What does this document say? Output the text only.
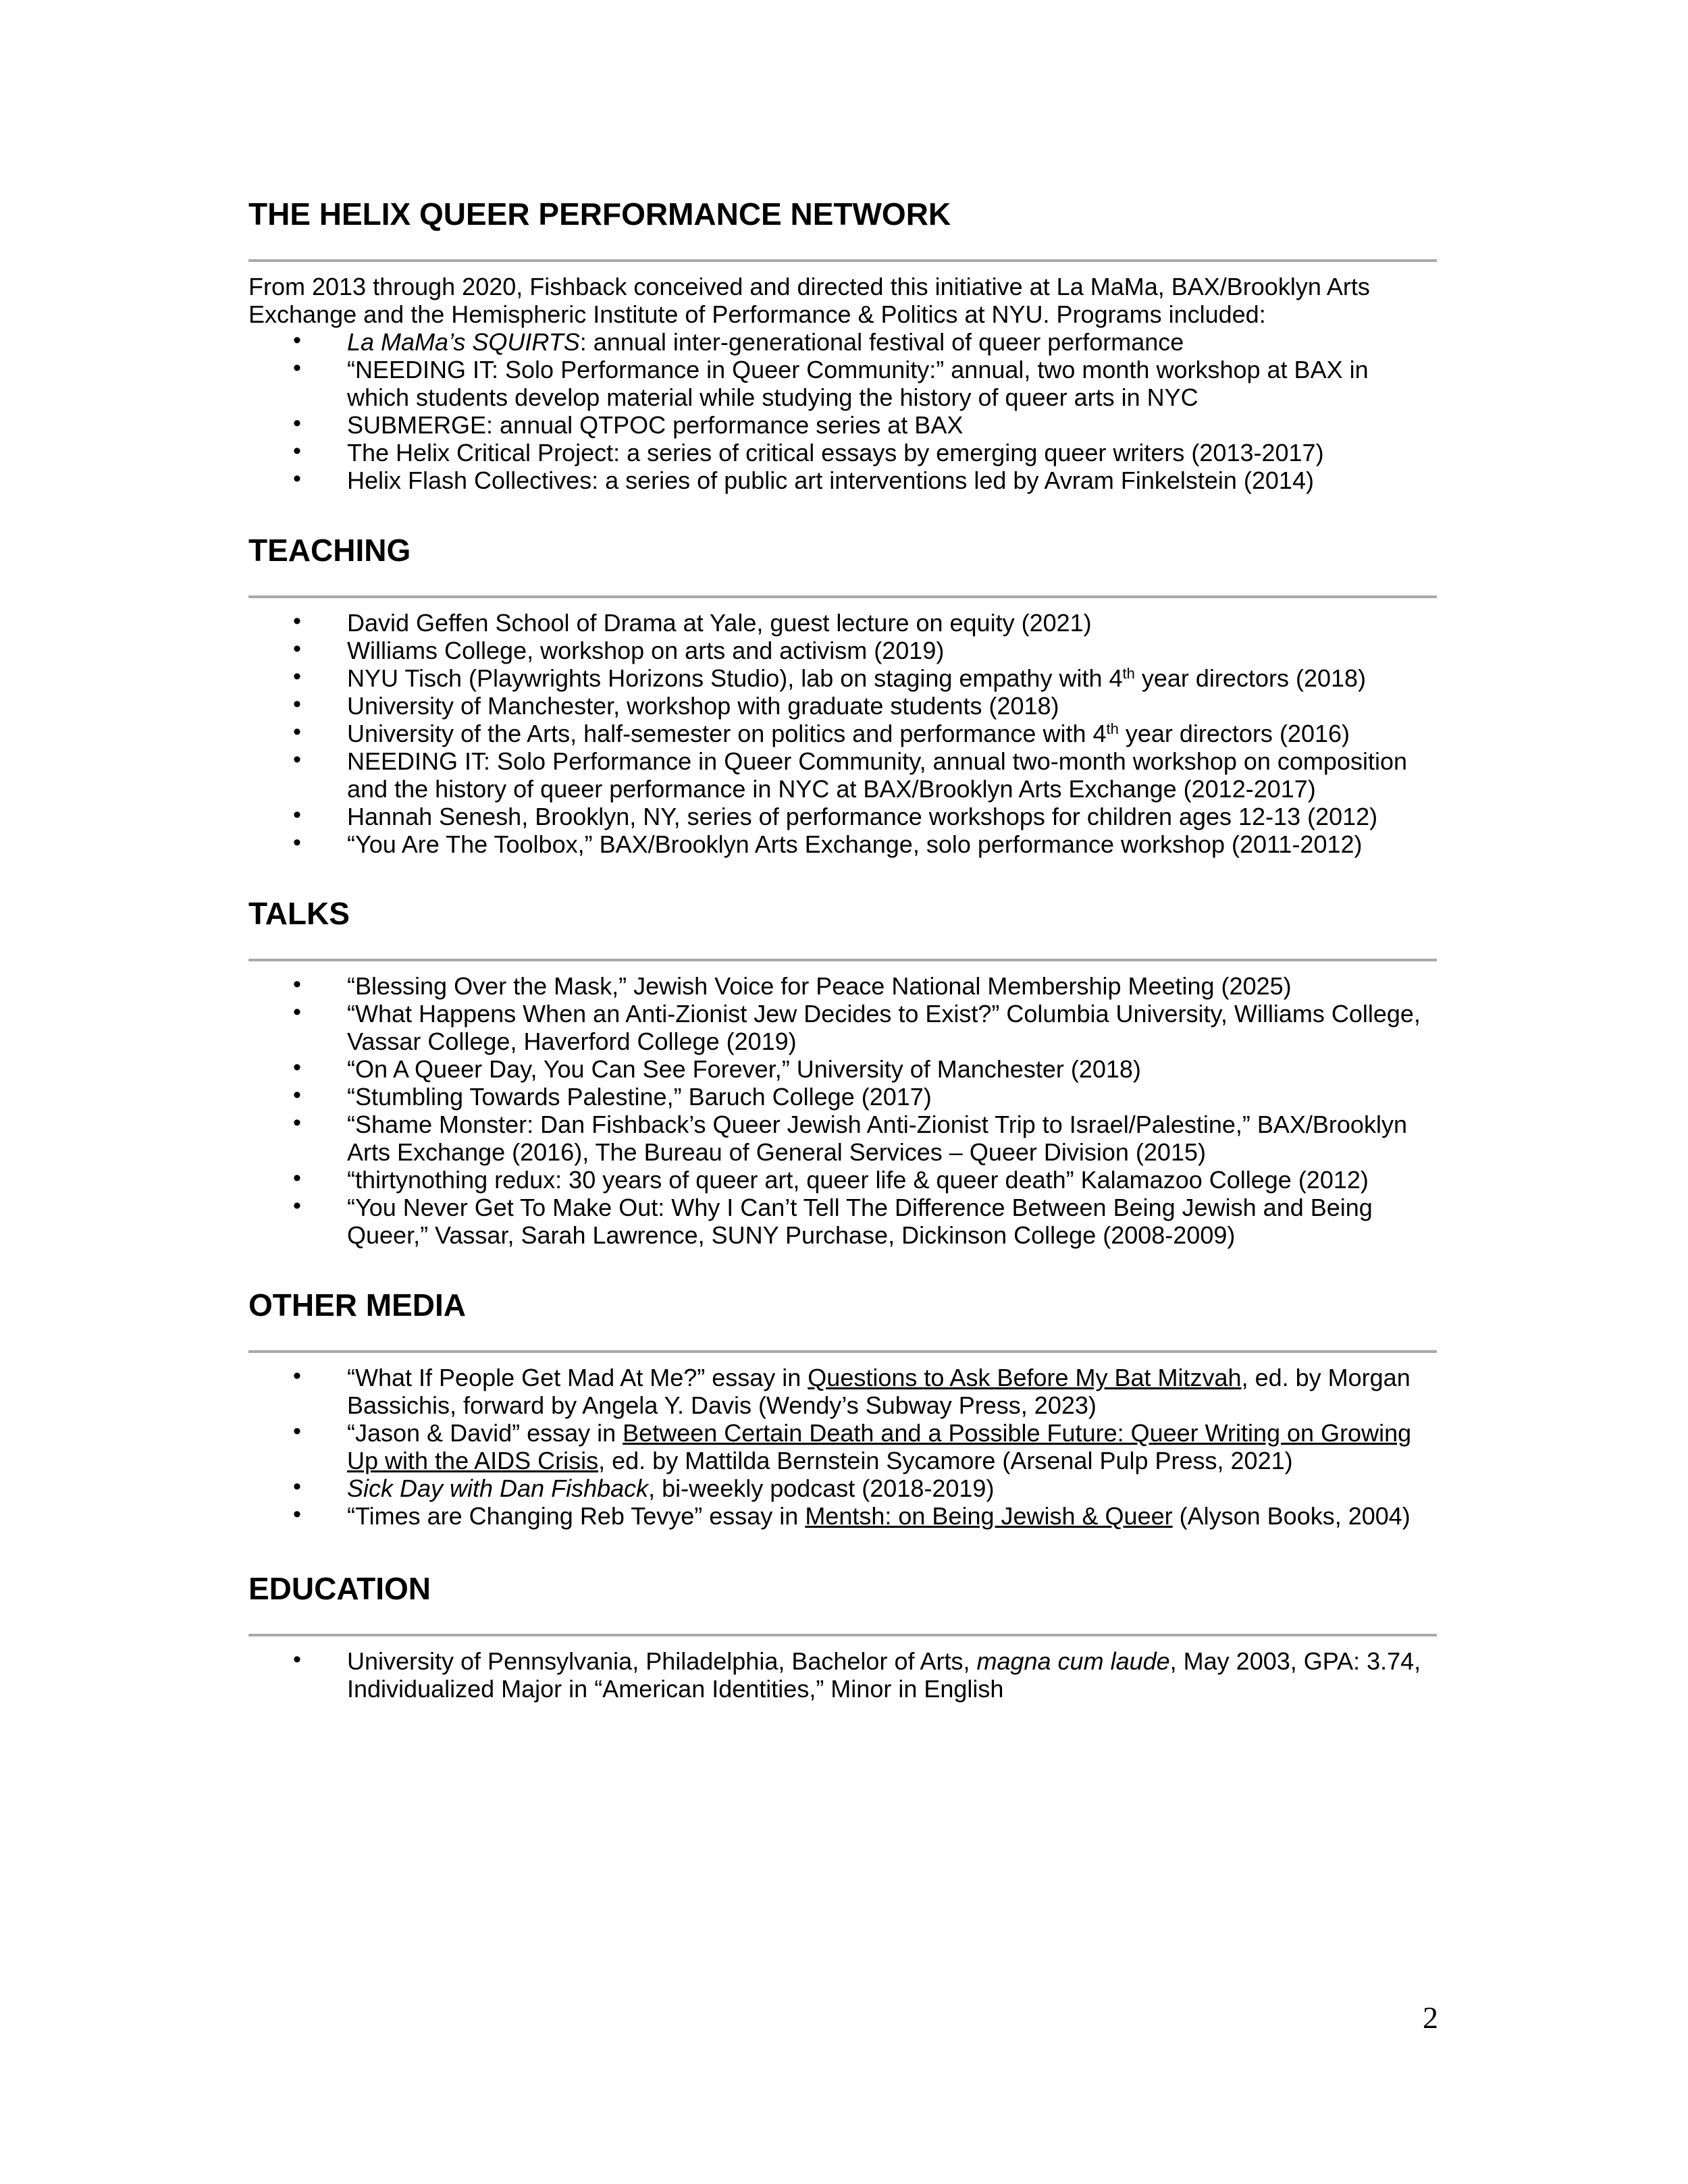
THE HELIX QUEER PERFORMANCE NETWORK

From 2013 through 2020, Fishback conceived and directed this initiative at La MaMa, BAX/Brooklyn Arts Exchange and the Hemispheric Institute of Performance & Politics at NYU. Programs included:

• La MaMa’s SQUIRTS: annual inter-generational festival of queer performance
• “NEEDING IT: Solo Performance in Queer Community:” annual, two month workshop at BAX in which students develop material while studying the history of queer arts in NYC
• SUBMERGE: annual QTPOC performance series at BAX
• The Helix Critical Project: a series of critical essays by emerging queer writers (2013-2017)
• Helix Flash Collectives: a series of public art interventions led by Avram Finkelstein (2014)
TEACHING
• David Geffen School of Drama at Yale, guest lecture on equity (2021)
• Williams College, workshop on arts and activism (2019)
• NYU Tisch (Playwrights Horizons Studio), lab on staging empathy with 4th year directors (2018)
• University of Manchester, workshop with graduate students (2018)
• University of the Arts, half-semester on politics and performance with 4th year directors (2016)
• NEEDING IT: Solo Performance in Queer Community, annual two-month workshop on composition and the history of queer performance in NYC at BAX/Brooklyn Arts Exchange (2012-2017)
• Hannah Senesh, Brooklyn, NY, series of performance workshops for children ages 12-13 (2012)
• “You Are The Toolbox,” BAX/Brooklyn Arts Exchange, solo performance workshop (2011-2012)
TALKS
• “Blessing Over the Mask,” Jewish Voice for Peace National Membership Meeting (2025)
• “What Happens When an Anti-Zionist Jew Decides to Exist?” Columbia University, Williams College, Vassar College, Haverford College (2019)
• “On A Queer Day, You Can See Forever,” University of Manchester (2018)
• “Stumbling Towards Palestine,” Baruch College (2017)
• “Shame Monster: Dan Fishback’s Queer Jewish Anti-Zionist Trip to Israel/Palestine,” BAX/Brooklyn Arts Exchange (2016), The Bureau of General Services – Queer Division (2015)
• “thirtynothing redux: 30 years of queer art, queer life & queer death” Kalamazoo College (2012)
• “You Never Get To Make Out: Why I Can’t Tell The Difference Between Being Jewish and Being Queer,” Vassar, Sarah Lawrence, SUNY Purchase, Dickinson College (2008-2009)
OTHER MEDIA
• “What If People Get Mad At Me?” essay in Questions to Ask Before My Bat Mitzvah, ed. by Morgan Bassichis, forward by Angela Y. Davis (Wendy’s Subway Press, 2023)
• “Jason & David” essay in Between Certain Death and a Possible Future: Queer Writing on Growing Up with the AIDS Crisis, ed. by Mattilda Bernstein Sycamore (Arsenal Pulp Press, 2021)
• Sick Day with Dan Fishback, bi-weekly podcast (2018-2019)
• “Times are Changing Reb Tevye” essay in Mentsh: on Being Jewish & Queer (Alyson Books, 2004)
EDUCATION
• University of Pennsylvania, Philadelphia, Bachelor of Arts, magna cum laude, May 2003, GPA: 3.74, Individualized Major in “American Identities,” Minor in English
2
